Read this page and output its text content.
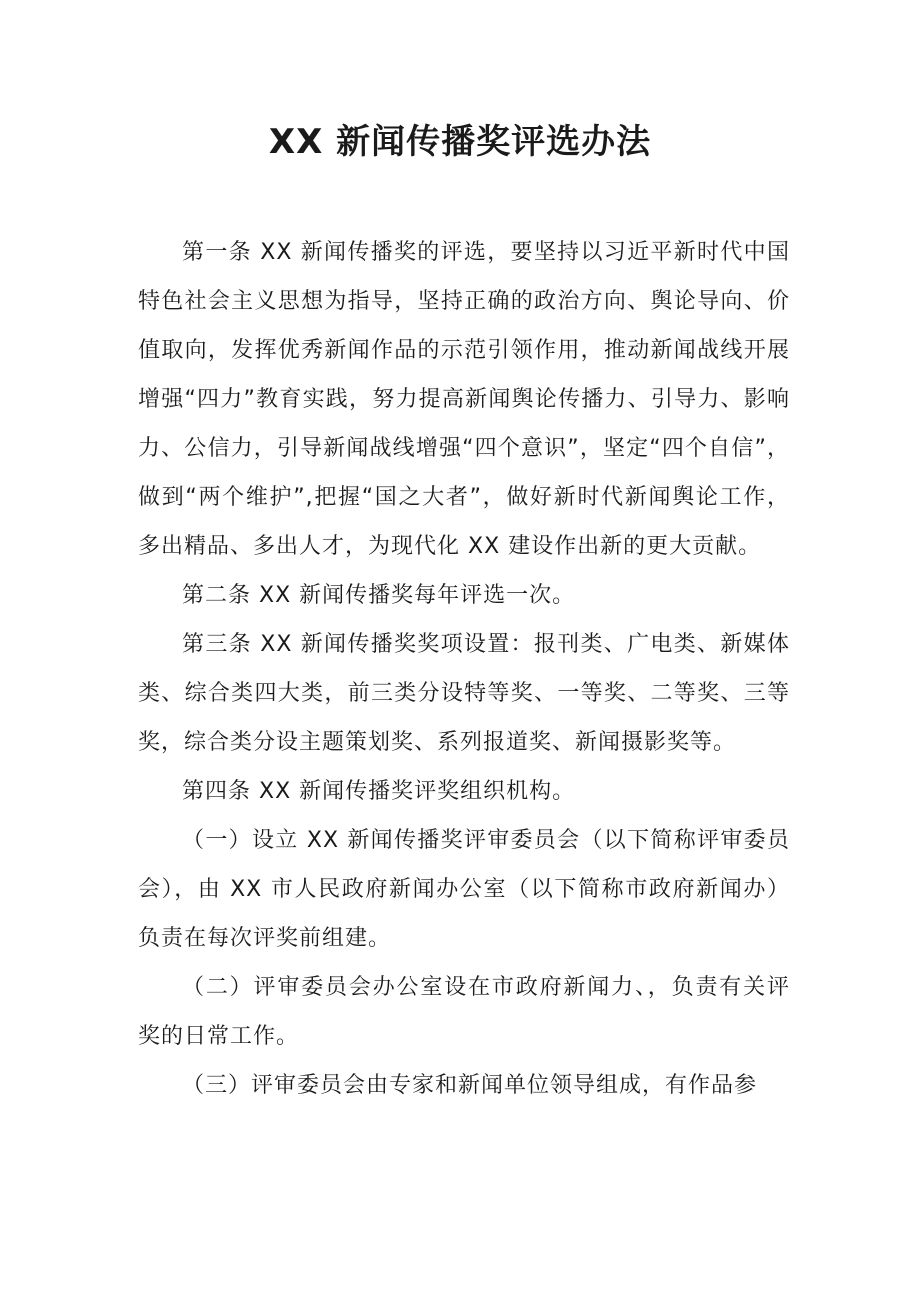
XX 新闻传播奖评选办法

第一条 XX 新闻传播奖的评选，要坚持以习近平新时代中国特色社会主义思想为指导，坚持正确的政治方向、舆论导向、价值取向，发挥优秀新闻作品的示范引领作用，推动新闻战线开展增强“四力”教育实践，努力提高新闻舆论传播力、引导力、影响力、公信力，引导新闻战线增强“四个意识”，坚定“四个自信”，做到“两个维护”,把握“国之大者”，做好新时代新闻舆论工作，多出精品、多出人才，为现代化 XX 建设作出新的更大贡献。

第二条 XX 新闻传播奖每年评选一次。

第三条 XX 新闻传播奖奖项设置：报刊类、广电类、新媒体类、综合类四大类，前三类分设特等奖、一等奖、二等奖、三等奖，综合类分设主题策划奖、系列报道奖、新闻摄影奖等。

第四条 XX 新闻传播奖评奖组织机构。

（一）设立 XX 新闻传播奖评审委员会（以下简称评审委员会），由 XX 市人民政府新闻办公室（以下简称市政府新闻办）负责在每次评奖前组建。

（二）评审委员会办公室设在市政府新闻力、，负责有关评奖的日常工作。

（三）评审委员会由专家和新闻单位领导组成，有作品参
